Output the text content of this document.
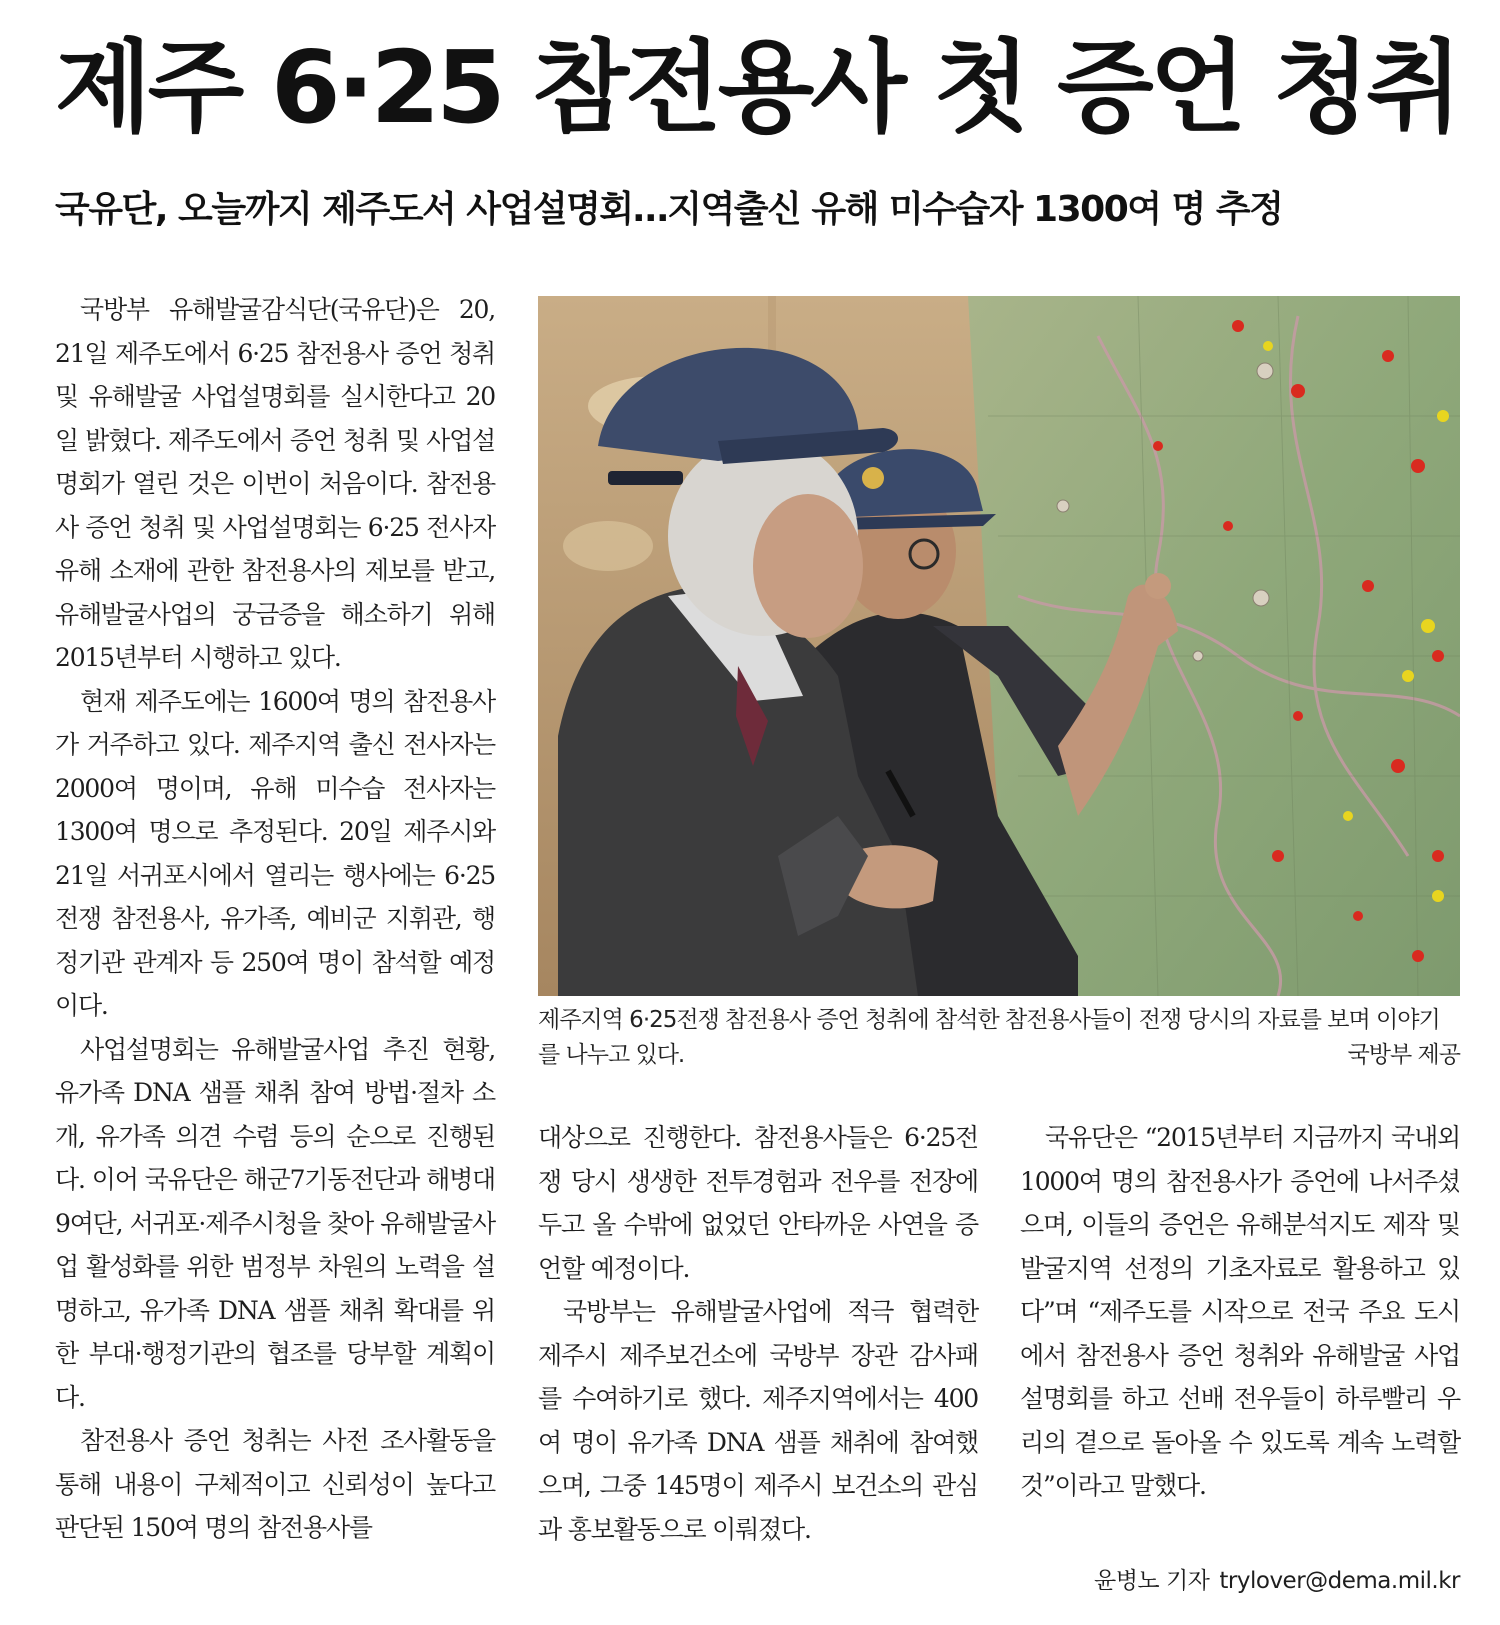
제주 6·25 참전용사 첫 증언 청취
국유단, 오늘까지 제주도서 사업설명회…지역출신 유해 미수습자 1300여 명 추정

국방부 유해발굴감식단(국유단)은 20, 21일 제주도에서 6·25 참전용사 증언 청취 및 유해발굴 사업설명회를 실시한다고 20일 밝혔다. 제주도에서 증언 청취 및 사업설명회가 열린 것은 이번이 처음이다. 참전용사 증언 청취 및 사업설명회는 6·25 전사자 유해 소재에 관한 참전용사의 제보를 받고, 유해발굴사업의 궁금증을 해소하기 위해 2015년부터 시행하고 있다.

현재 제주도에는 1600여 명의 참전용사가 거주하고 있다. 제주지역 출신 전사자는 2000여 명이며, 유해 미수습 전사자는 1300여 명으로 추정된다. 20일 제주시와 21일 서귀포시에서 열리는 행사에는 6·25전쟁 참전용사, 유가족, 예비군 지휘관, 행정기관 관계자 등 250여 명이 참석할 예정이다.

사업설명회는 유해발굴사업 추진 현황, 유가족 DNA 샘플 채취 참여 방법·절차 소개, 유가족 의견 수렴 등의 순으로 진행된다. 이어 국유단은 해군7기동전단과 해병대9여단, 서귀포·제주시청을 찾아 유해발굴사업 활성화를 위한 범정부 차원의 노력을 설명하고, 유가족 DNA 샘플 채취 확대를 위한 부대·행정기관의 협조를 당부할 계획이다.

참전용사 증언 청취는 사전 조사활동을 통해 내용이 구체적이고 신뢰성이 높다고 판단된 150여 명의 참전용사를

제주지역 6·25전쟁 참전용사 증언 청취에 참석한 참전용사들이 전쟁 당시의 자료를 보며 이야기를 나누고 있다.	국방부 제공

대상으로 진행한다. 참전용사들은 6·25전쟁 당시 생생한 전투경험과 전우를 전장에 두고 올 수밖에 없었던 안타까운 사연을 증언할 예정이다.

국방부는 유해발굴사업에 적극 협력한 제주시 제주보건소에 국방부 장관 감사패를 수여하기로 했다. 제주지역에서는 400여 명이 유가족 DNA 샘플 채취에 참여했으며, 그중 145명이 제주시 보건소의 관심과 홍보활동으로 이뤄졌다.

국유단은 “2015년부터 지금까지 국내외 1000여 명의 참전용사가 증언에 나서주셨으며, 이들의 증언은 유해분석지도 제작 및 발굴지역 선정의 기초자료로 활용하고 있다”며 “제주도를 시작으로 전국 주요 도시에서 참전용사 증언 청취와 유해발굴 사업설명회를 하고 선배 전우들이 하루빨리 우리의 곁으로 돌아올 수 있도록 계속 노력할 것”이라고 말했다.

윤병노 기자 trylover@dema.mil.kr
